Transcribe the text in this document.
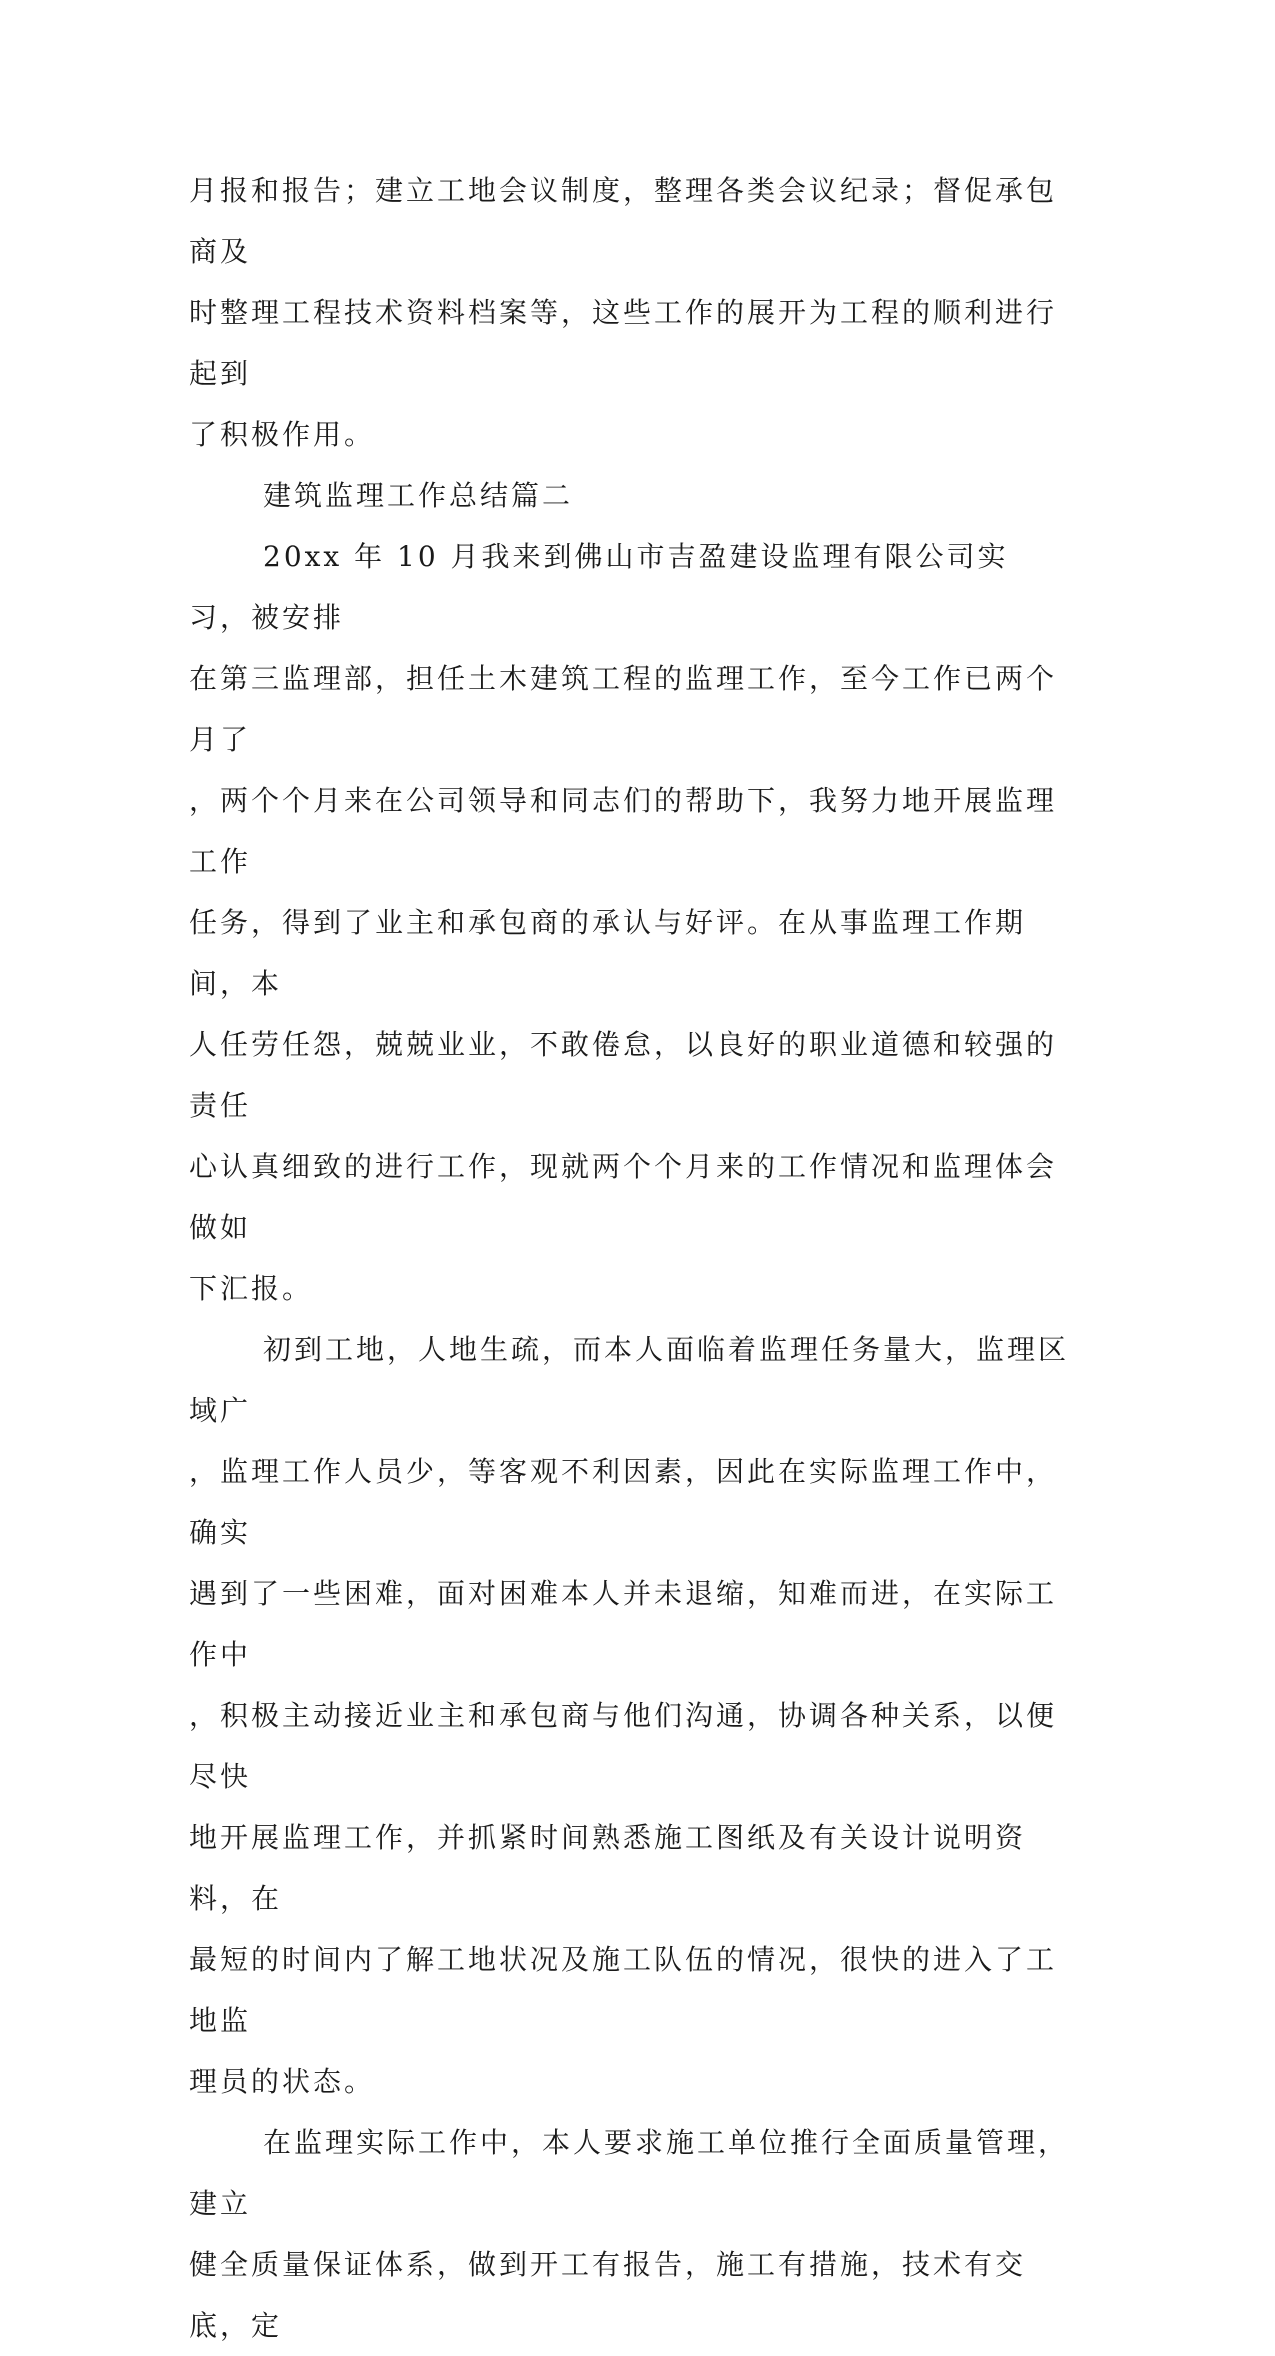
月报和报告；建立工地会议制度，整理各类会议纪录；督促承包商及
时整理工程技术资料档案等，这些工作的展开为工程的顺利进行起到
了积极作用。

建筑监理工作总结篇二

20xx 年 10 月我来到佛山市吉盈建设监理有限公司实习，被安排
在第三监理部，担任土木建筑工程的监理工作，至今工作已两个月了
，两个个月来在公司领导和同志们的帮助下，我努力地开展监理工作
任务，得到了业主和承包商的承认与好评。在从事监理工作期间，本
人任劳任怨，兢兢业业，不敢倦怠，以良好的职业道德和较强的责任
心认真细致的进行工作，现就两个个月来的工作情况和监理体会做如
下汇报。

初到工地，人地生疏，而本人面临着监理任务量大，监理区域广
，监理工作人员少，等客观不利因素，因此在实际监理工作中，确实
遇到了一些困难，面对困难本人并未退缩，知难而进，在实际工作中
，积极主动接近业主和承包商与他们沟通，协调各种关系，以便尽快
地开展监理工作，并抓紧时间熟悉施工图纸及有关设计说明资料，在
最短的时间内了解工地状况及施工队伍的情况，很快的进入了工地监
理员的状态。

在监理实际工作中，本人要求施工单位推行全面质量管理，建立
健全质量保证体系，做到开工有报告，施工有措施，技术有交底，定
